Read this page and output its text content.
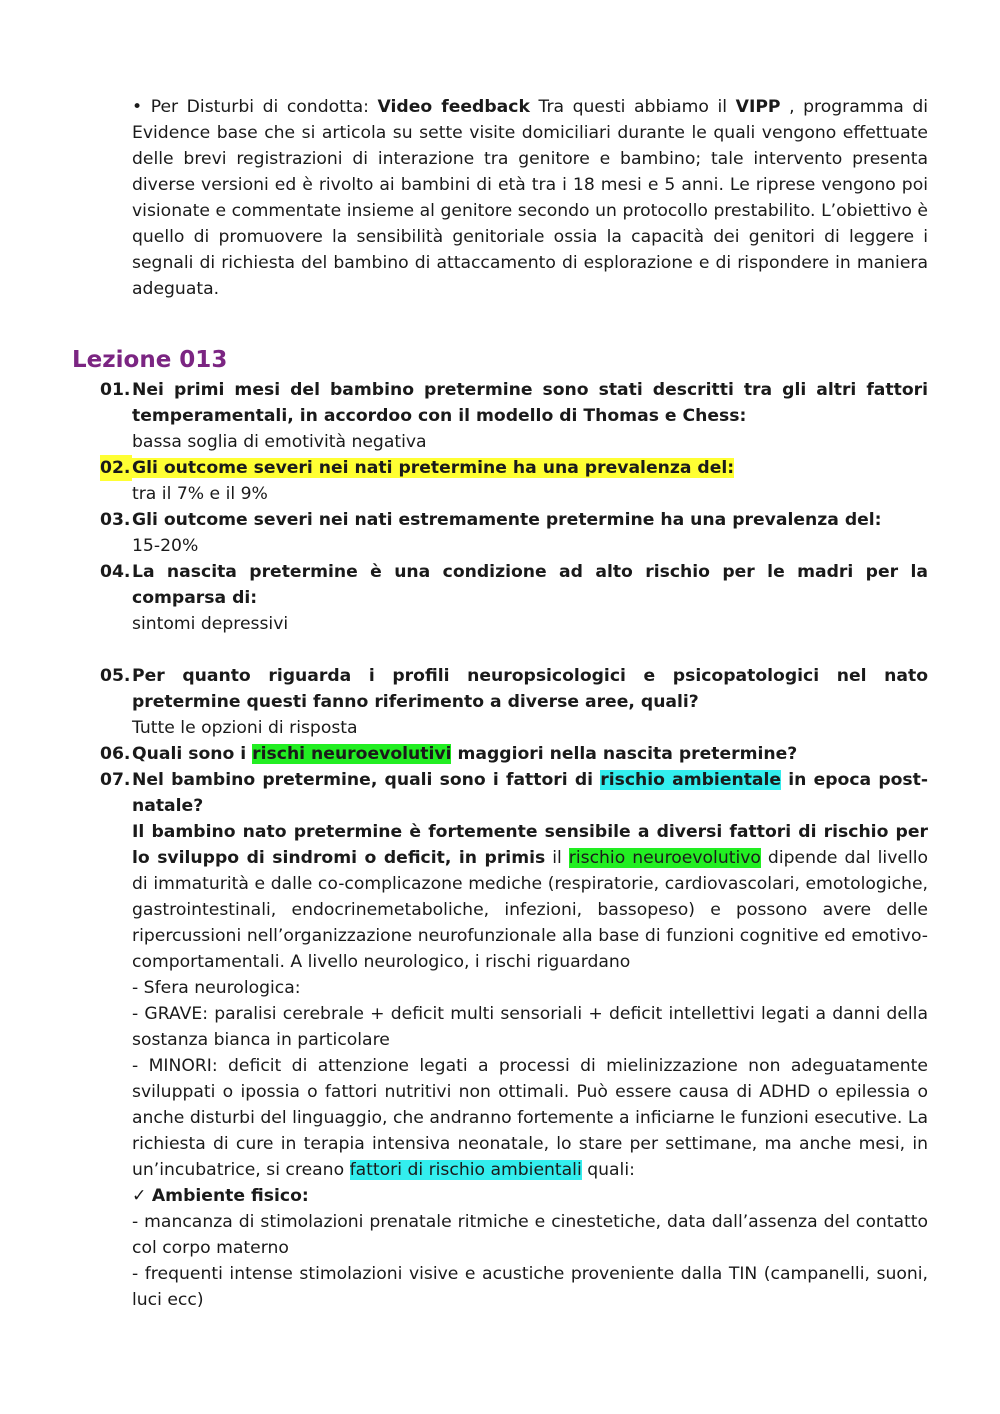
• Per Disturbi di condotta: Video feedback Tra questi abbiamo il VIPP , programma di Evidence base che si articola su sette visite domiciliari durante le quali vengono effettuate delle brevi registrazioni di interazione tra genitore e bambino; tale intervento presenta diverse versioni ed è rivolto ai bambini di età tra i 18 mesi e 5 anni. Le riprese vengono poi visionate e commentate insieme al genitore secondo un protocollo prestabilito. L’obiettivo è quello di promuovere la sensibilità genitoriale ossia la capacità dei genitori di leggere i segnali di richiesta del bambino di attaccamento di esplorazione e di rispondere in maniera adeguata.
Lezione 013
01. Nei primi mesi del bambino pretermine sono stati descritti tra gli altri fattori temperamentali, in accordoo con il modello di Thomas e Chess:
bassa soglia di emotività negativa
02. Gli outcome severi nei nati pretermine ha una prevalenza del:
tra il 7% e il 9%
03. Gli outcome severi nei nati estremamente pretermine ha una prevalenza del:
15-20%
04. La nascita pretermine è una condizione ad alto rischio per le madri per la comparsa di:
sintomi depressivi
05. Per quanto riguarda i profili neuropsicologici e psicopatologici nel nato pretermine questi fanno riferimento a diverse aree, quali?
Tutte le opzioni di risposta
06. Quali sono i rischi neuroevolutivi maggiori nella nascita pretermine?
07. Nel bambino pretermine, quali sono i fattori di rischio ambientale in epoca post-natale?
Il bambino nato pretermine è fortemente sensibile a diversi fattori di rischio per lo sviluppo di sindromi o deficit, in primis il rischio neuroevolutivo dipende dal livello di immaturità e dalle co-complicazone mediche (respiratorie, cardiovascolari, emotologiche, gastrointestinali, endocrinemetaboliche, infezioni, bassopeso) e possono avere delle ripercussioni nell’organizzazione neurofunzionale alla base di funzioni cognitive ed emotivo-comportamentali. A livello neurologico, i rischi riguardano
- Sfera neurologica:
- GRAVE: paralisi cerebrale + deficit multi sensoriali + deficit intellettivi legati a danni della sostanza bianca in particolare
- MINORI: deficit di attenzione legati a processi di mielinizzazione non adeguatamente sviluppati o ipossia o fattori nutritivi non ottimali. Può essere causa di ADHD o epilessia o anche disturbi del linguaggio, che andranno fortemente a inficiarne le funzioni esecutive. La richiesta di cure in terapia intensiva neonatale, lo stare per settimane, ma anche mesi, in un’incubatrice, si creano fattori di rischio ambientali quali:
✓ Ambiente fisico:
- mancanza di stimolazioni prenatale ritmiche e cinestetiche, data dall’assenza del contatto col corpo materno
- frequenti intense stimolazioni visive e acustiche proveniente dalla TIN (campanelli, suoni, luci ecc)
